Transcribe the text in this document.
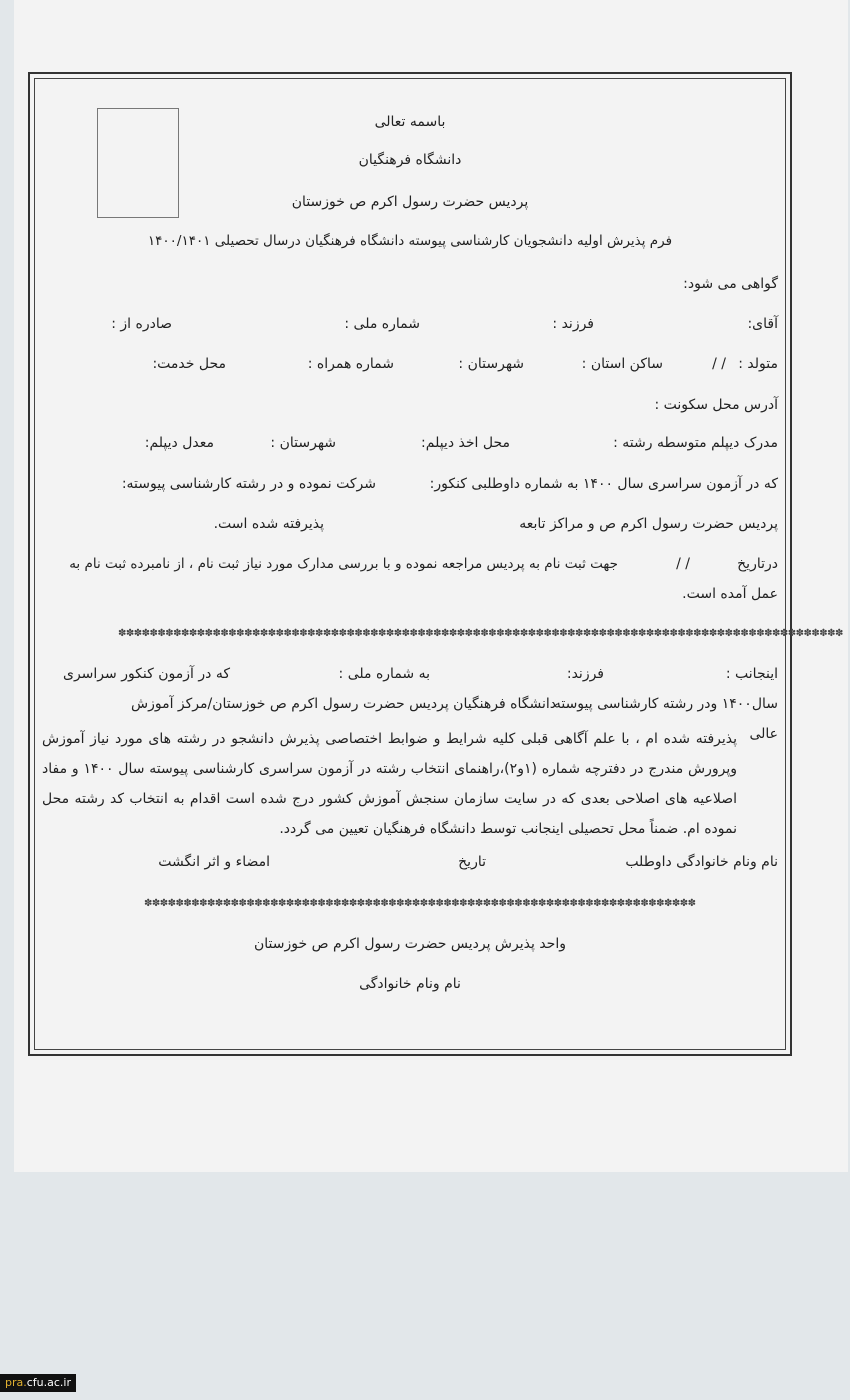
باسمه تعالی
دانشگاه فرهنگیان
پردیس حضرت رسول اکرم ص خوزستان
فرم پذیرش اولیه دانشجویان کارشناسی پیوسته دانشگاه فرهنگیان درسال تحصیلی ۱۴۰۰/۱۴۰۱
گواهی می شود:
آقای:
فرزند :
شماره ملی :
صادره از :
متولد :
/ /
ساکن استان :
شهرستان :
شماره همراه :
محل خدمت:
آدرس محل سکونت :
مدرک دیپلم متوسطه رشته :
محل اخذ دیپلم:
شهرستان :
معدل دیپلم:
که در آزمون سراسری سال ۱۴۰۰ به شماره داوطلبی کنکور:
شرکت نموده و در رشته کارشناسی پیوسته:
پردیس حضرت رسول اکرم ص و مراکز تابعه
پذیرفته شده است.
درتاریخ
/ /
جهت ثبت نام به پردیس مراجعه نموده و با بررسی مدارک مورد نیاز ثبت نام ، از نامبرده ثبت نام به
عمل آمده است.
✽✽✽✽✽✽✽✽✽✽✽✽✽✽✽✽✽✽✽✽✽✽✽✽✽✽✽✽✽✽✽✽✽✽✽✽✽✽✽✽✽✽✽✽✽✽✽✽✽✽✽✽✽✽✽✽✽✽✽✽✽✽✽✽✽✽✽✽✽✽✽✽✽✽✽✽✽✽✽✽✽✽✽✽✽✽✽✽✽✽✽✽
اینجانب :
فرزند:
به شماره ملی :
که در آزمون کنکور سراسری
سال۱۴۰۰ ودر رشته کارشناسی پیوسته
دانشگاه فرهنگیان پردیس حضرت رسول اکرم ص خوزستان/مرکز آموزش
عالی
پذیرفته شده ام ، با علم آگاهی قبلی کلیه شرایط و ضوابط اختصاصی پذیرش دانشجو در رشته های مورد نیاز آموزش وپرورش مندرج در دفترچه شماره (۱و۲)،راهنمای انتخاب رشته در آزمون سراسری کارشناسی پیوسته سال ۱۴۰۰ و مفاد اصلاعیه های اصلاحی بعدی که در سایت سازمان سنجش آموزش کشور درج شده است اقدام به انتخاب کد رشته محل نموده ام. ضمناً محل تحصیلی اینجانب توسط دانشگاه فرهنگیان تعیین می گردد.
نام ونام خانوادگی داوطلب
تاریخ
امضاء و اثر انگشت
✽✽✽✽✽✽✽✽✽✽✽✽✽✽✽✽✽✽✽✽✽✽✽✽✽✽✽✽✽✽✽✽✽✽✽✽✽✽✽✽✽✽✽✽✽✽✽✽✽✽✽✽✽✽✽✽✽✽✽✽✽✽✽✽✽✽✽✽✽✽
واحد پذیرش پردیس حضرت رسول اکرم ص خوزستان
نام ونام خانوادگی
pra.cfu.ac.ir
